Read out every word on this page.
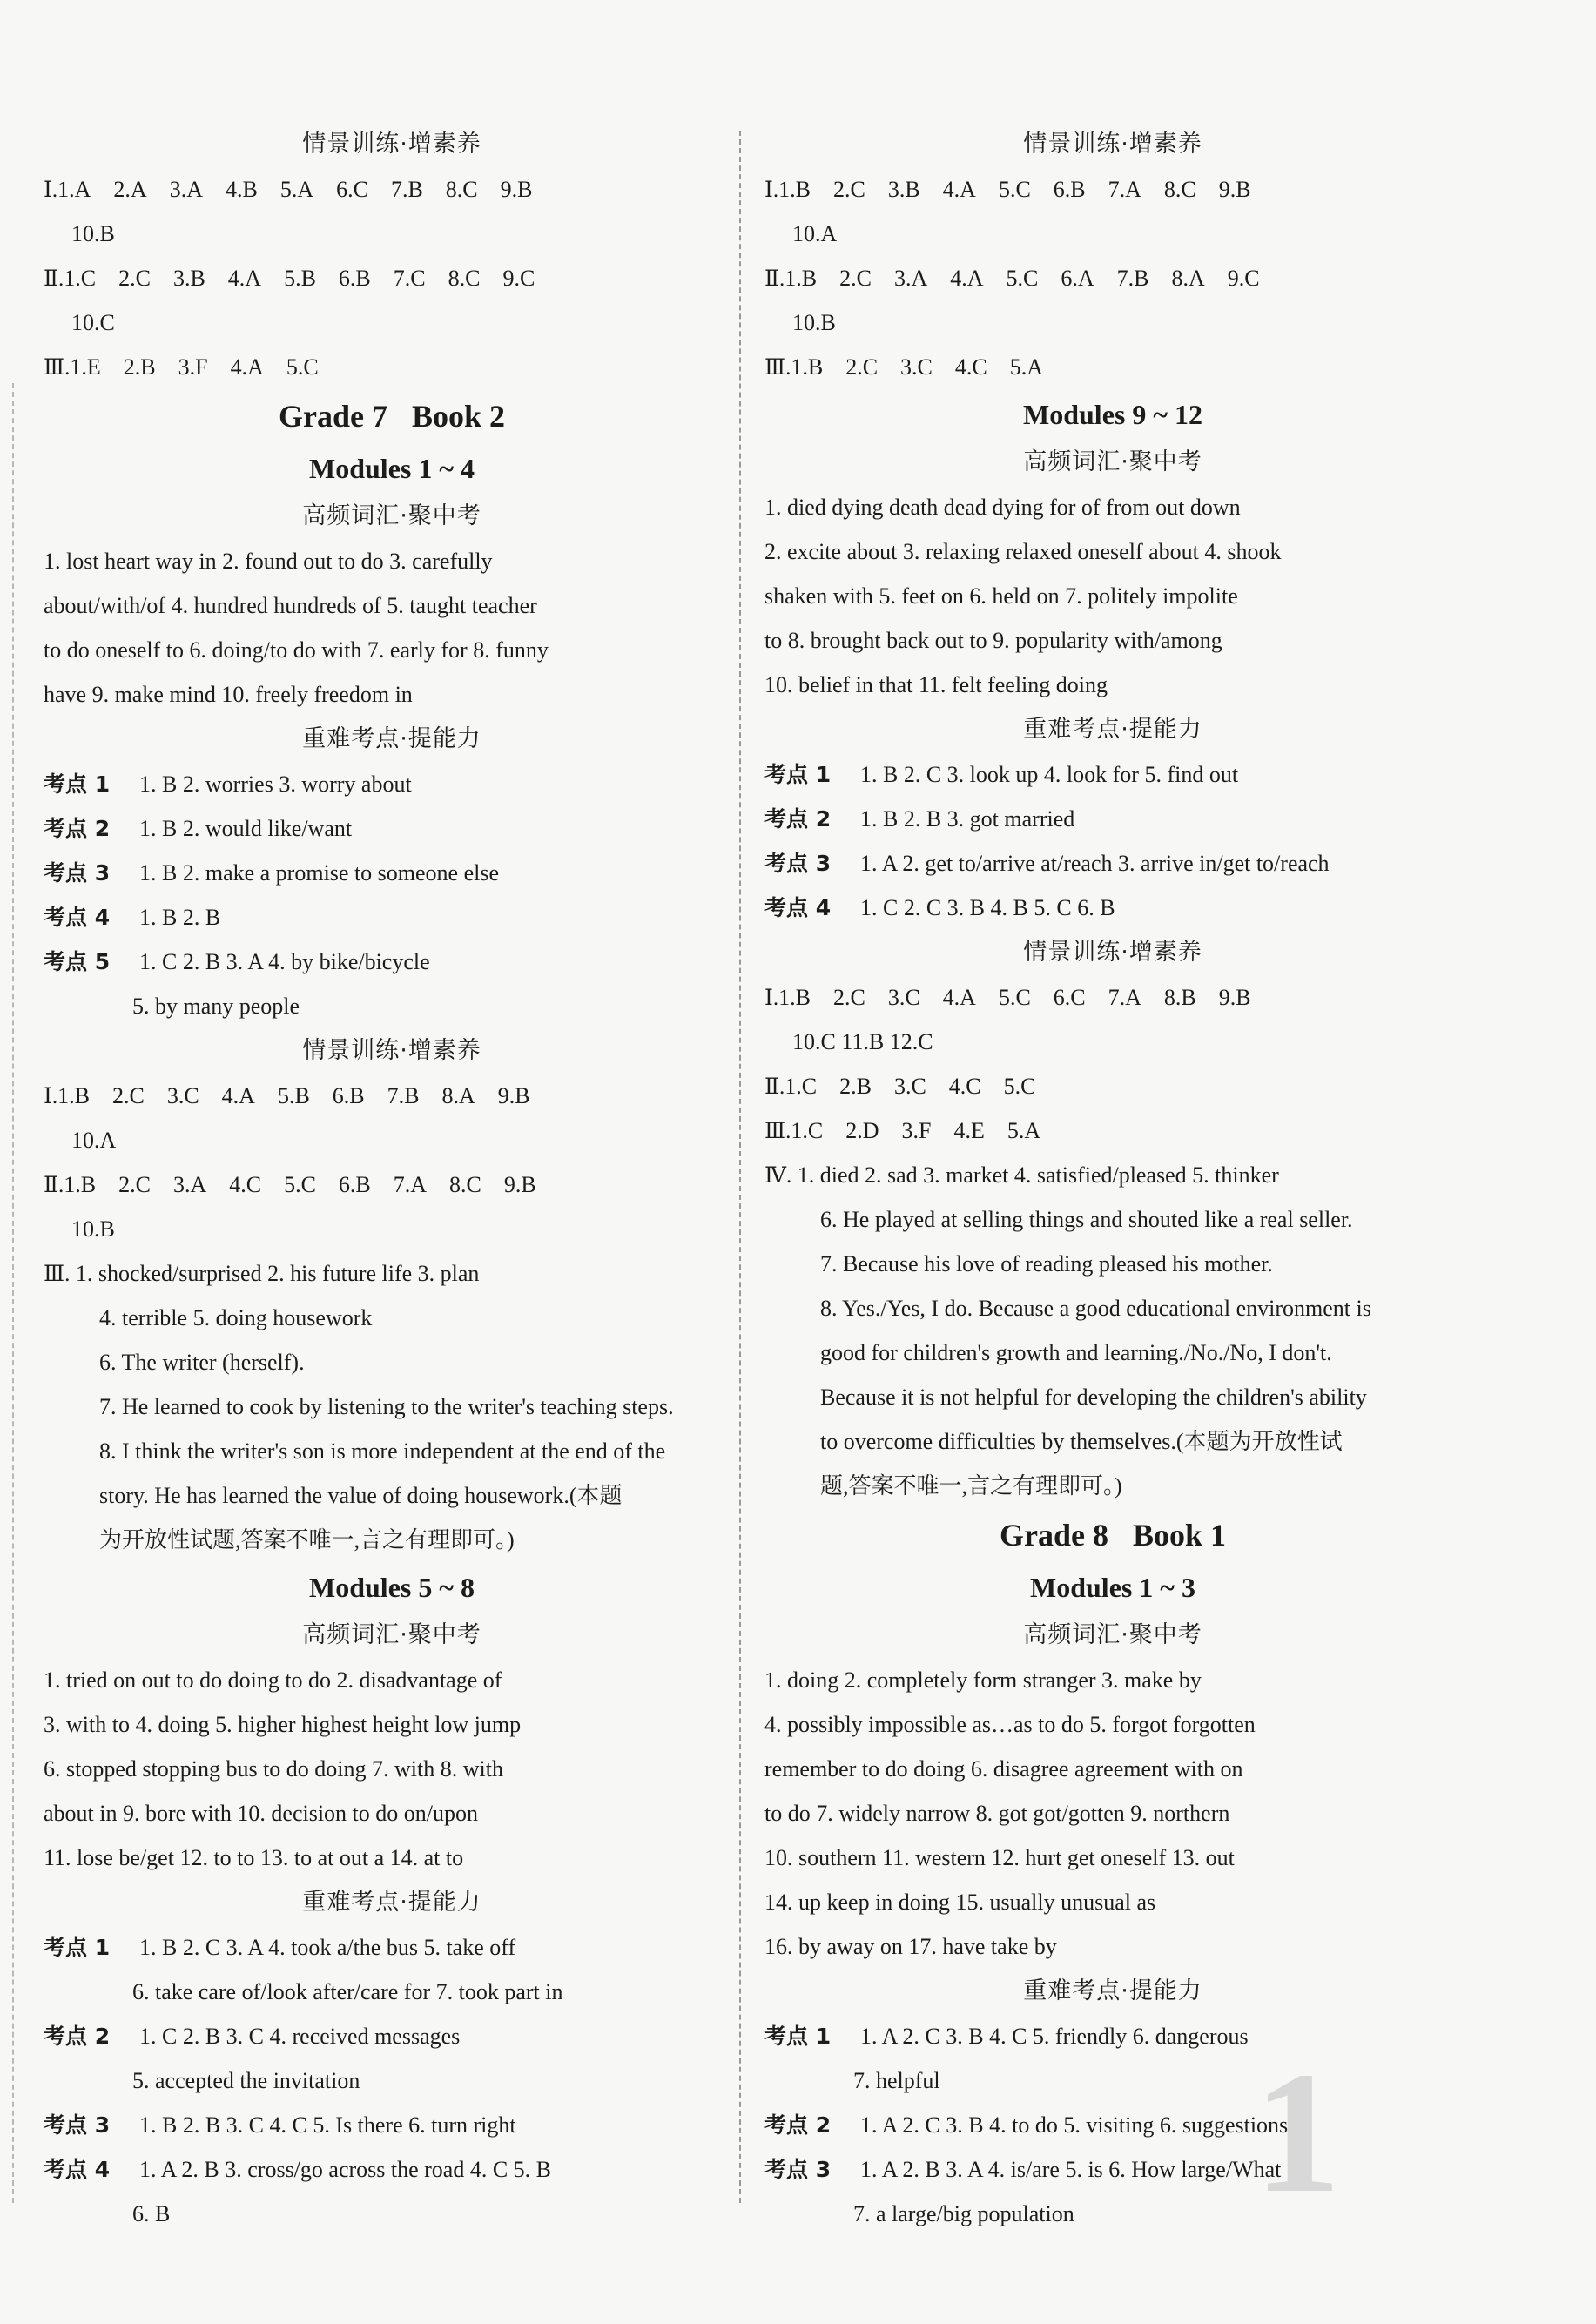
情景训练·增素养
Ⅰ.1.A 2.A 3.A 4.B 5.A 6.C 7.B 8.C 9.B
10.B
Ⅱ.1.C 2.C 3.B 4.A 5.B 6.B 7.C 8.C 9.C
10.C
Ⅲ.1.E 2.B 3.F 4.A 5.C
Grade 7 Book 2
Modules 1 ~ 4
高频词汇·聚中考
1. lost heart way in 2. found out to do 3. carefully
about/with/of 4. hundred hundreds of 5. taught teacher
to do oneself to 6. doing/to do with 7. early for 8. funny
have 9. make mind 10. freely freedom in
重难考点·提能力
考点 1 1. B 2. worries 3. worry about
考点 2 1. B 2. would like/want
考点 3 1. B 2. make a promise to someone else
考点 4 1. B 2. B
考点 5 1. C 2. B 3. A 4. by bike/bicycle
5. by many people
情景训练·增素养
Ⅰ.1.B 2.C 3.C 4.A 5.B 6.B 7.B 8.A 9.B
10.A
Ⅱ.1.B 2.C 3.A 4.C 5.C 6.B 7.A 8.C 9.B
10.B
Ⅲ. 1. shocked/surprised 2. his future life 3. plan
4. terrible 5. doing housework
6. The writer (herself).
7. He learned to cook by listening to the writer's teaching steps.
8. I think the writer's son is more independent at the end of the
story. He has learned the value of doing housework.(本题
为开放性试题,答案不唯一,言之有理即可。)
Modules 5 ~ 8
高频词汇·聚中考
1. tried on out to do doing to do 2. disadvantage of
3. with to 4. doing 5. higher highest height low jump
6. stopped stopping bus to do doing 7. with 8. with
about in 9. bore with 10. decision to do on/upon
11. lose be/get 12. to to 13. to at out a 14. at to
重难考点·提能力
考点 1 1. B 2. C 3. A 4. took a/the bus 5. take off
6. take care of/look after/care for 7. took part in
考点 2 1. C 2. B 3. C 4. received messages
5. accepted the invitation
考点 3 1. B 2. B 3. C 4. C 5. Is there 6. turn right
考点 4 1. A 2. B 3. cross/go across the road 4. C 5. B
6. B
情景训练·增素养
Ⅰ.1.B 2.C 3.B 4.A 5.C 6.B 7.A 8.C 9.B
10.A
Ⅱ.1.B 2.C 3.A 4.A 5.C 6.A 7.B 8.A 9.C
10.B
Ⅲ.1.B 2.C 3.C 4.C 5.A
Modules 9 ~ 12
高频词汇·聚中考
1. died dying death dead dying for of from out down
2. excite about 3. relaxing relaxed oneself about 4. shook
shaken with 5. feet on 6. held on 7. politely impolite
to 8. brought back out to 9. popularity with/among
10. belief in that 11. felt feeling doing
重难考点·提能力
考点 1 1. B 2. C 3. look up 4. look for 5. find out
考点 2 1. B 2. B 3. got married
考点 3 1. A 2. get to/arrive at/reach 3. arrive in/get to/reach
考点 4 1. C 2. C 3. B 4. B 5. C 6. B
情景训练·增素养
Ⅰ.1.B 2.C 3.C 4.A 5.C 6.C 7.A 8.B 9.B
10.C 11.B 12.C
Ⅱ.1.C 2.B 3.C 4.C 5.C
Ⅲ.1.C 2.D 3.F 4.E 5.A
Ⅳ. 1. died 2. sad 3. market 4. satisfied/pleased 5. thinker
6. He played at selling things and shouted like a real seller.
7. Because his love of reading pleased his mother.
8. Yes./Yes, I do. Because a good educational environment is
good for children's growth and learning./No./No, I don't.
Because it is not helpful for developing the children's ability
to overcome difficulties by themselves.(本题为开放性试
题,答案不唯一,言之有理即可。)
Grade 8 Book 1
Modules 1 ~ 3
高频词汇·聚中考
1. doing 2. completely form stranger 3. make by
4. possibly impossible as…as to do 5. forgot forgotten
remember to do doing 6. disagree agreement with on
to do 7. widely narrow 8. got got/gotten 9. northern
10. southern 11. western 12. hurt get oneself 13. out
14. up keep in doing 15. usually unusual as
16. by away on 17. have take by
重难考点·提能力
考点 1 1. A 2. C 3. B 4. C 5. friendly 6. dangerous
7. helpful
考点 2 1. A 2. C 3. B 4. to do 5. visiting 6. suggestions
考点 3 1. A 2. B 3. A 4. is/are 5. is 6. How large/What
7. a large/big population	1
